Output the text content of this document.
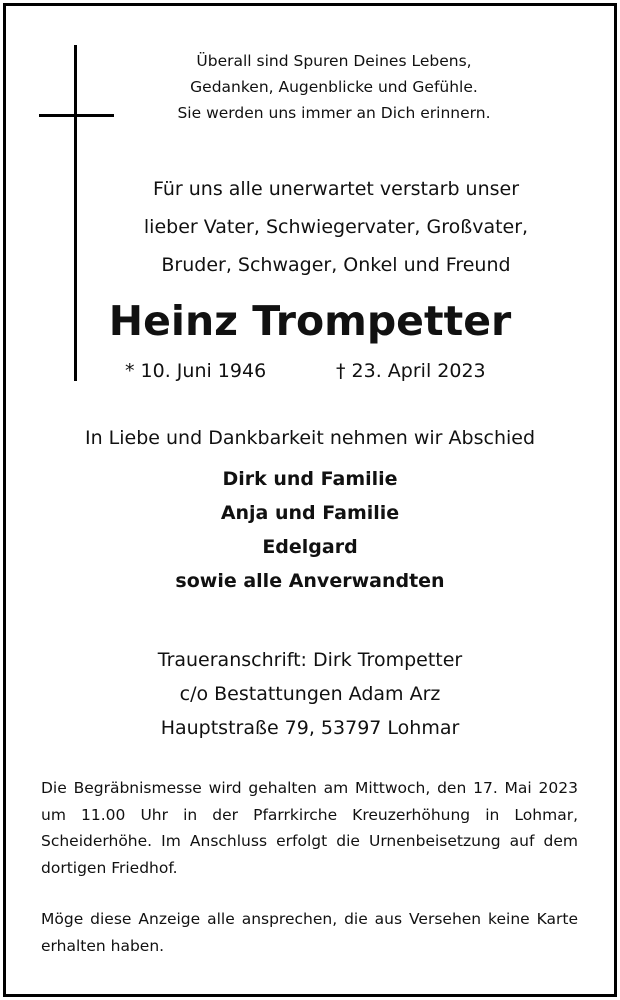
Überall sind Spuren Deines Lebens,
Gedanken, Augenblicke und Gefühle.
Sie werden uns immer an Dich erinnern.
Für uns alle unerwartet verstarb unser
lieber Vater, Schwiegervater, Großvater,
Bruder, Schwager, Onkel und Freund
Heinz Trompetter
* 10. Juni 1946	† 23. April 2023
In Liebe und Dankbarkeit nehmen wir Abschied
Dirk und Familie
Anja und Familie
Edelgard
sowie alle Anverwandten
Traueranschrift: Dirk Trompetter
c/o Bestattungen Adam Arz
Hauptstraße 79, 53797 Lohmar
Die Begräbnismesse wird gehalten am Mittwoch, den 17. Mai 2023 um 11.00 Uhr in der Pfarrkirche Kreuzerhöhung in Lohmar, Scheiderhöhe. Im Anschluss erfolgt die Urnenbeisetzung auf dem dortigen Friedhof.
Möge diese Anzeige alle ansprechen, die aus Versehen keine Karte erhalten haben.
